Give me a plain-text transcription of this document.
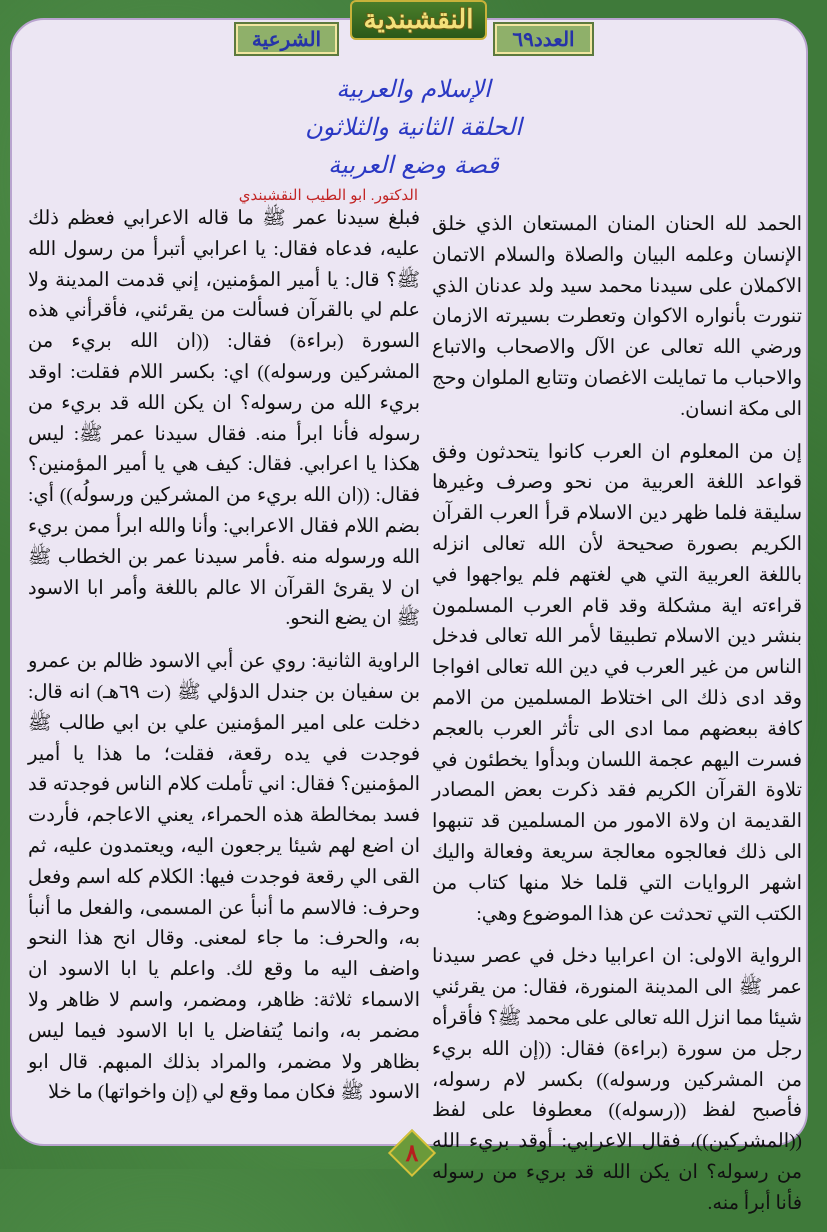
النقشبندية
العدد٦٩
الشرعية
الإسلام والعربية
الحلقة الثانية والثلاثون
قصة وضع العربية
الدكتور. ابو الطيب النقشبندي

الحمد لله الحنان المنان المستعان الذي خلق الإنسان وعلمه البيان والصلاة والسلام الاتمان الاكملان على سيدنا محمد سيد ولد عدنان الذي تنورت بأنواره الاكوان وتعطرت بسيرته الازمان ورضي الله تعالى عن الآل والاصحاب والاتباع والاحباب ما تمايلت الاغصان وتتابع الملوان وحج الى مكة انسان.

إن من المعلوم ان العرب كانوا يتحدثون وفق قواعد اللغة العربية من نحو وصرف وغيرها سليقة فلما ظهر دين الاسلام قرأ العرب القرآن الكريم بصورة صحيحة لأن الله تعالى انزله باللغة العربية التي هي لغتهم فلم يواجهوا في قراءته اية مشكلة وقد قام العرب المسلمون بنشر دين الاسلام تطبيقا لأمر الله تعالى فدخل الناس من غير العرب في دين الله تعالى افواجا وقد ادى ذلك الى اختلاط المسلمين من الامم كافة ببعضهم مما ادى الى تأثر العرب بالعجم فسرت اليهم عجمة اللسان وبدأوا يخطئون في تلاوة القرآن الكريم فقد ذكرت بعض المصادر القديمة ان ولاة الامور من المسلمين قد تنبهوا الى ذلك فعالجوه معالجة سريعة وفعالة واليك اشهر الروايات التي قلما خلا منها كتاب من الكتب التي تحدثت عن هذا الموضوع وهي:

الرواية الاولى: ان اعرابيا دخل في عصر سيدنا عمر ﷺ الى المدينة المنورة، فقال: من يقرئني شيئا مما انزل الله تعالى على محمد ﷺ؟ فأقرأه رجل من سورة (براءة) فقال: ((إن الله بريء من المشركين ورسوله)) بكسر لام رسوله، فأصبح لفظ ((رسوله)) معطوفا على لفظ ((المشركين))، فقال الاعرابي: أوقد بريء الله من رسوله؟ ان يكن الله قد بريء من رسوله فأنا أبرأ منه.

فبلغ سيدنا عمر ﷺ ما قاله الاعرابي فعظم ذلك عليه، فدعاه فقال: يا اعرابي أتبرأ من رسول الله ﷺ؟ قال: يا أمير المؤمنين، إني قدمت المدينة ولا علم لي بالقرآن فسألت من يقرئني، فأقرأني هذه السورة (براءة) فقال: ((ان الله بريء من المشركين ورسوله)) اي: بكسر اللام فقلت: اوقد بريء الله من رسوله؟ ان يكن الله قد بريء من رسوله فأنا ابرأ منه. فقال سيدنا عمر ﷺ: ليس هكذا يا اعرابي. فقال: كيف هي يا أمير المؤمنين؟ فقال: ((ان الله بريء من المشركين ورسولُه)) أي: بضم اللام فقال الاعرابي: وأنا والله ابرأ ممن بريء الله ورسوله منه .فأمر سيدنا عمر بن الخطاب ﷺ ان لا يقرئ القرآن الا عالم باللغة وأمر ابا الاسود ﷺ ان يضع النحو.

الراوية الثانية: روي عن أبي الاسود ظالم بن عمرو بن سفيان بن جندل الدؤلي ﷺ (ت ٦٩هـ) انه قال: دخلت على امير المؤمنين علي بن ابي طالب ﷺ فوجدت في يده رقعة، فقلت؛ ما هذا يا أمير المؤمنين؟ فقال: اني تأملت كلام الناس فوجدته قد فسد بمخالطة هذه الحمراء، يعني الاعاجم، فأردت ان اضع لهم شيئا يرجعون اليه، ويعتمدون عليه، ثم القى الي رقعة فوجدت فيها: الكلام كله اسم وفعل وحرف: فالاسم ما أنبأ عن المسمى، والفعل ما أنبأ به، والحرف: ما جاء لمعنى. وقال انح هذا النحو واضف اليه ما وقع لك. واعلم يا ابا الاسود ان الاسماء ثلاثة: ظاهر، ومضمر، واسم لا ظاهر ولا مضمر به، وانما يُتفاضل يا ابا الاسود فيما ليس بظاهر ولا مضمر، والمراد بذلك المبهم. قال ابو الاسود ﷺ فكان مما وقع لي (إن واخواتها) ما خلا

٨
